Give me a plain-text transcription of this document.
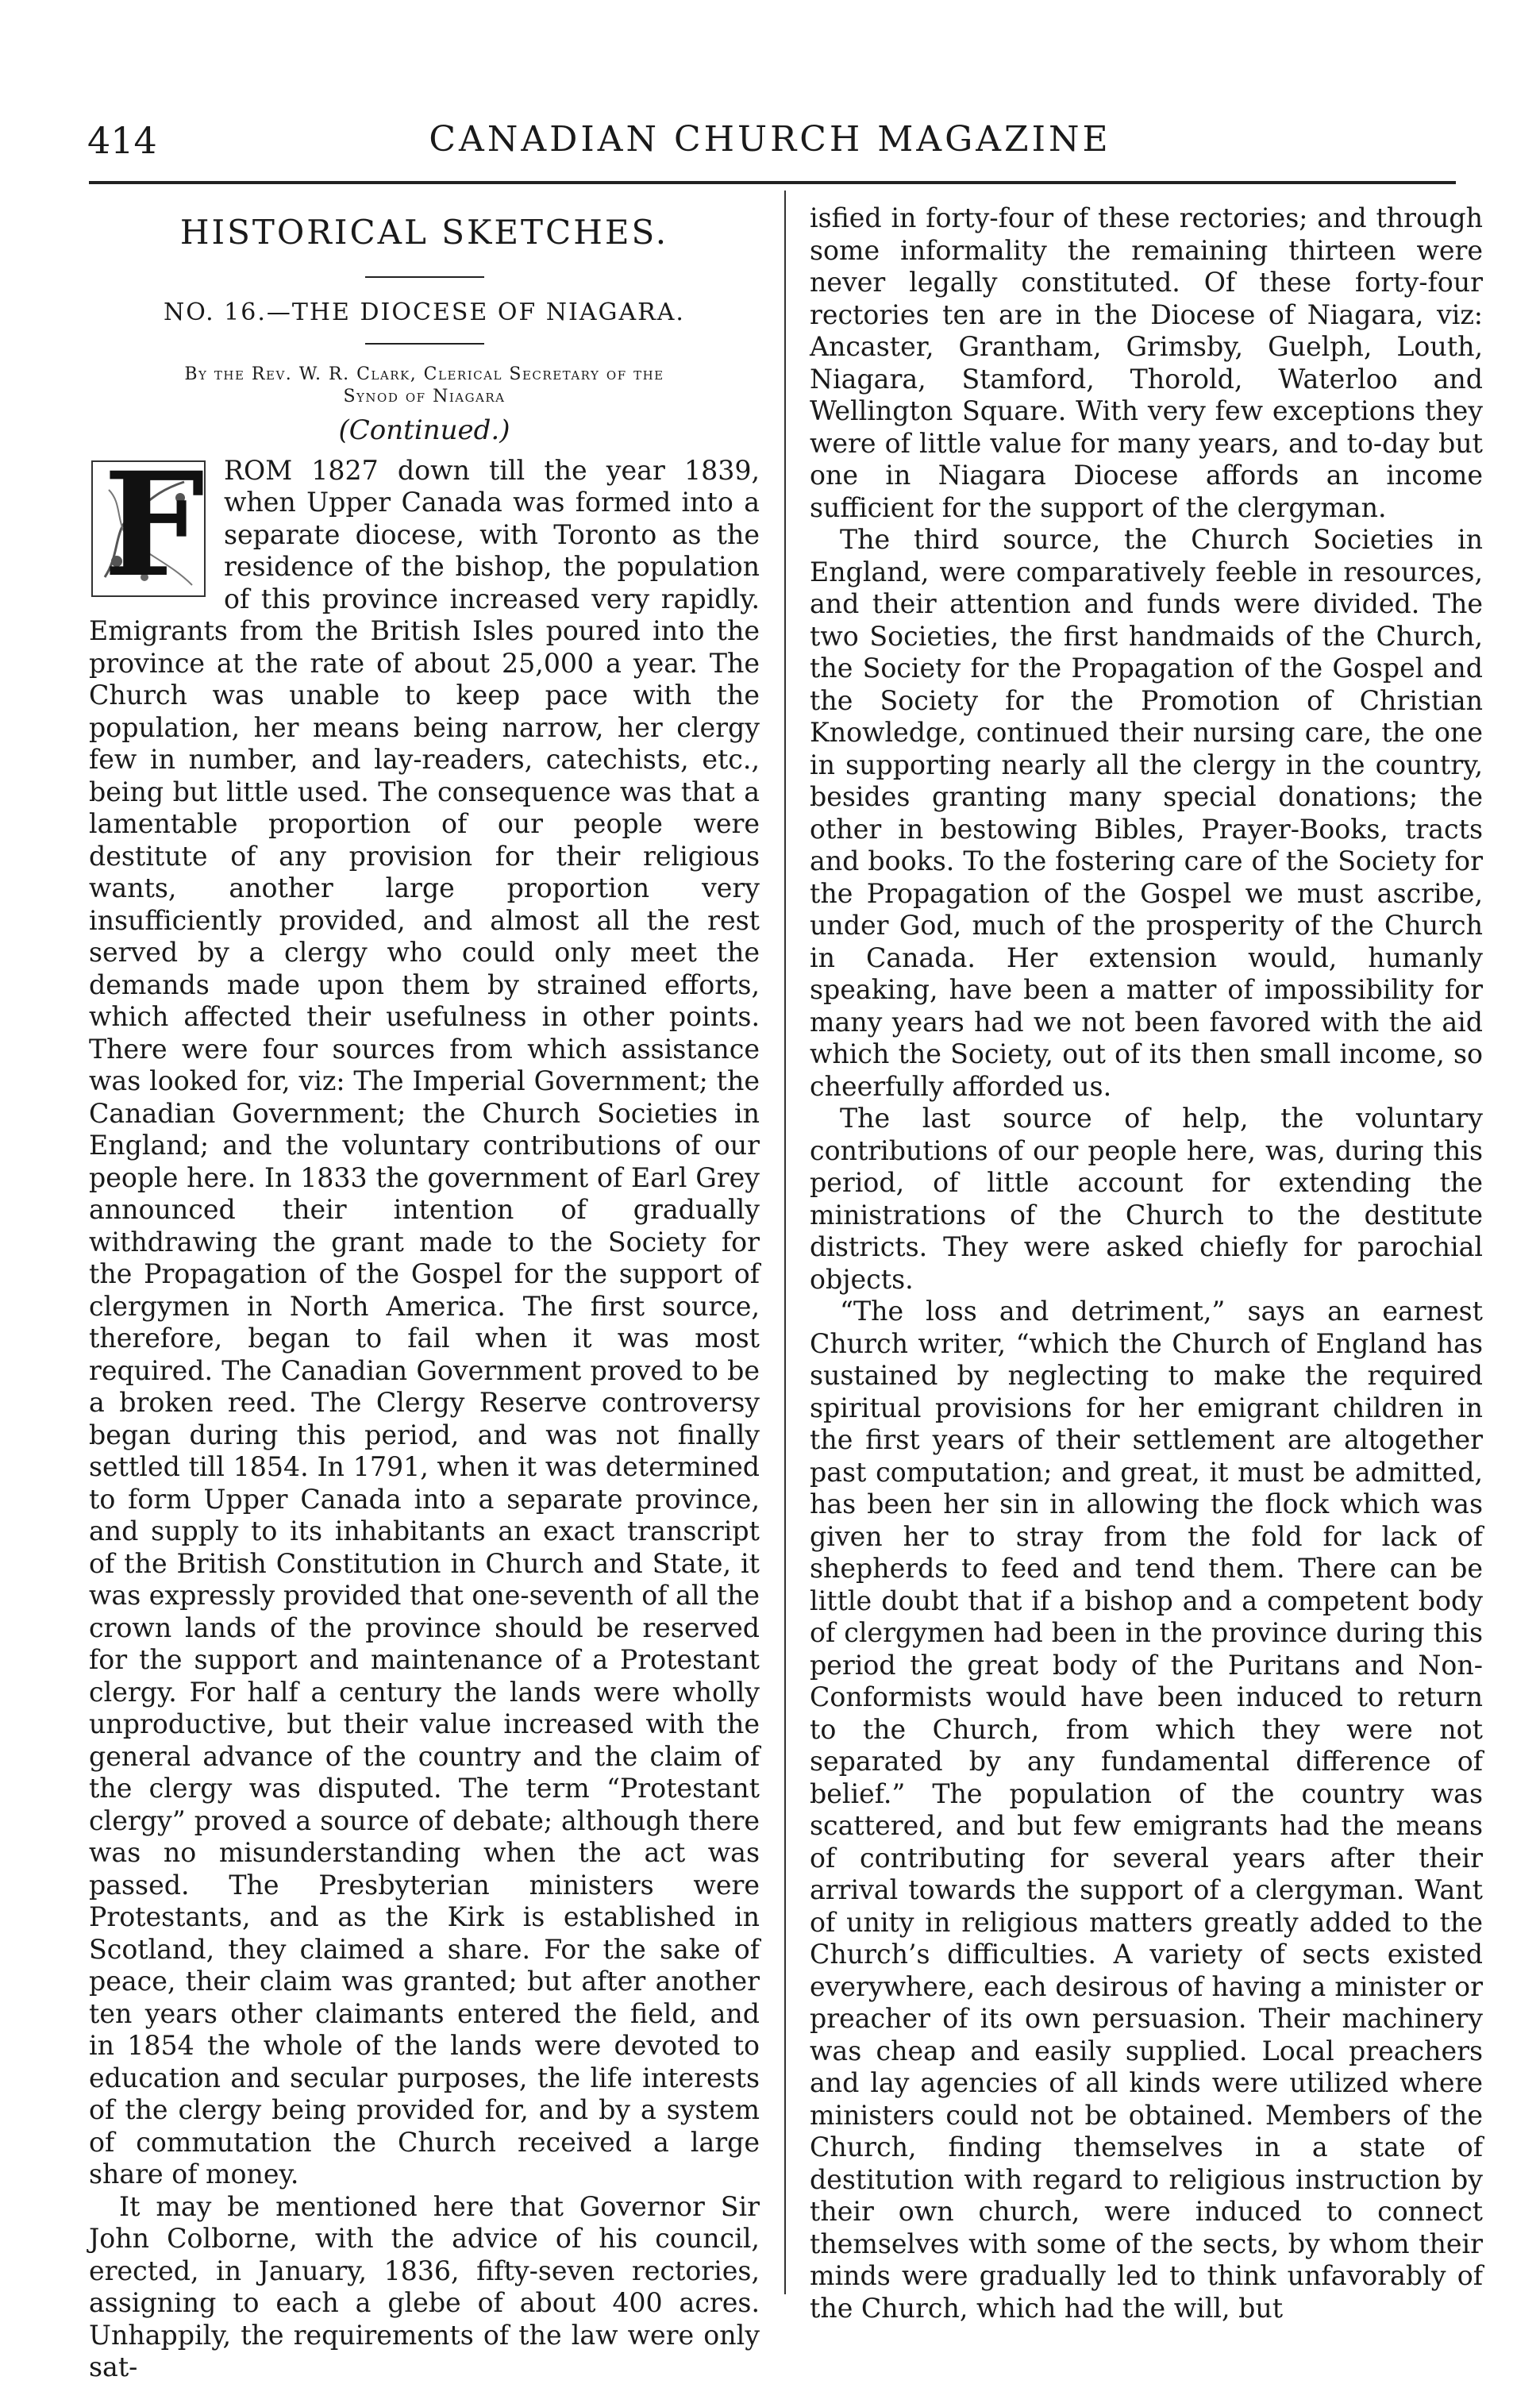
414	CANADIAN CHURCH MAGAZINE
HISTORICAL SKETCHES.
NO. 16.—THE DIOCESE OF NIAGARA.
By the Rev. W. R. Clark, Clerical Secretary of the
Synod of Niagara
(Continued.)
F ROM 1827 down till the year 1839, when Upper Canada was formed into a separate diocese, with Toronto as the residence of the bishop, the population of this province increased very rapidly. Emigrants from the British Isles poured into the province at the rate of about 25,000 a year. The Church was unable to keep pace with the population, her means being narrow, her clergy few in number, and lay-readers, catechists, etc., being but little used. The consequence was that a lamentable proportion of our people were destitute of any provision for their religious wants, another large proportion very insufficiently provided, and almost all the rest served by a clergy who could only meet the demands made upon them by strained efforts, which affected their usefulness in other points. There were four sources from which assistance was looked for, viz: The Imperial Government; the Canadian Government; the Church Societies in England; and the voluntary contributions of our people here. In 1833 the government of Earl Grey announced their intention of gradually withdrawing the grant made to the Society for the Propagation of the Gospel for the support of clergymen in North America. The first source, therefore, began to fail when it was most required. The Canadian Government proved to be a broken reed. The Clergy Reserve controversy began during this period, and was not finally settled till 1854. In 1791, when it was determined to form Upper Canada into a separate province, and supply to its inhabitants an exact transcript of the British Constitution in Church and State, it was expressly provided that one-seventh of all the crown lands of the province should be reserved for the support and maintenance of a Protestant clergy. For half a century the lands were wholly unproductive, but their value increased with the general advance of the country and the claim of the clergy was disputed. The term “Protestant clergy” proved a source of debate; although there was no misunderstanding when the act was passed. The Presbyterian ministers were Protestants, and as the Kirk is established in Scotland, they claimed a share. For the sake of peace, their claim was granted; but after another ten years other claimants entered the field, and in 1854 the whole of the lands were devoted to education and secular purposes, the life interests of the clergy being provided for, and by a system of commutation the Church received a large share of money.

It may be mentioned here that Governor Sir John Colborne, with the advice of his council, erected, in January, 1836, fifty-seven rectories, assigning to each a glebe of about 400 acres. Unhappily, the requirements of the law were only sat-

isfied in forty-four of these rectories; and through some informality the remaining thirteen were never legally constituted. Of these forty-four rectories ten are in the Diocese of Niagara, viz: Ancaster, Grantham, Grimsby, Guelph, Louth, Niagara, Stamford, Thorold, Waterloo and Wellington Square. With very few exceptions they were of little value for many years, and to-day but one in Niagara Diocese affords an income sufficient for the support of the clergyman.

The third source, the Church Societies in England, were comparatively feeble in resources, and their attention and funds were divided. The two Societies, the first handmaids of the Church, the Society for the Propagation of the Gospel and the Society for the Promotion of Christian Knowledge, continued their nursing care, the one in supporting nearly all the clergy in the country, besides granting many special donations; the other in bestowing Bibles, Prayer-Books, tracts and books. To the fostering care of the Society for the Propagation of the Gospel we must ascribe, under God, much of the prosperity of the Church in Canada. Her extension would, humanly speaking, have been a matter of impossibility for many years had we not been favored with the aid which the Society, out of its then small income, so cheerfully afforded us.

The last source of help, the voluntary contributions of our people here, was, during this period, of little account for extending the ministrations of the Church to the destitute districts. They were asked chiefly for parochial objects.

“The loss and detriment,” says an earnest Church writer, “which the Church of England has sustained by neglecting to make the required spiritual provisions for her emigrant children in the first years of their settlement are altogether past computation; and great, it must be admitted, has been her sin in allowing the flock which was given her to stray from the fold for lack of shepherds to feed and tend them. There can be little doubt that if a bishop and a competent body of clergymen had been in the province during this period the great body of the Puritans and Non-Conformists would have been induced to return to the Church, from which they were not separated by any fundamental difference of belief.” The population of the country was scattered, and but few emigrants had the means of contributing for several years after their arrival towards the support of a clergyman. Want of unity in religious matters greatly added to the Church’s difficulties. A variety of sects existed everywhere, each desirous of having a minister or preacher of its own persuasion. Their machinery was cheap and easily supplied. Local preachers and lay agencies of all kinds were utilized where ministers could not be obtained. Members of the Church, finding themselves in a state of destitution with regard to religious instruction by their own church, were induced to connect themselves with some of the sects, by whom their minds were gradually led to think unfavorably of the Church, which had the will, but
